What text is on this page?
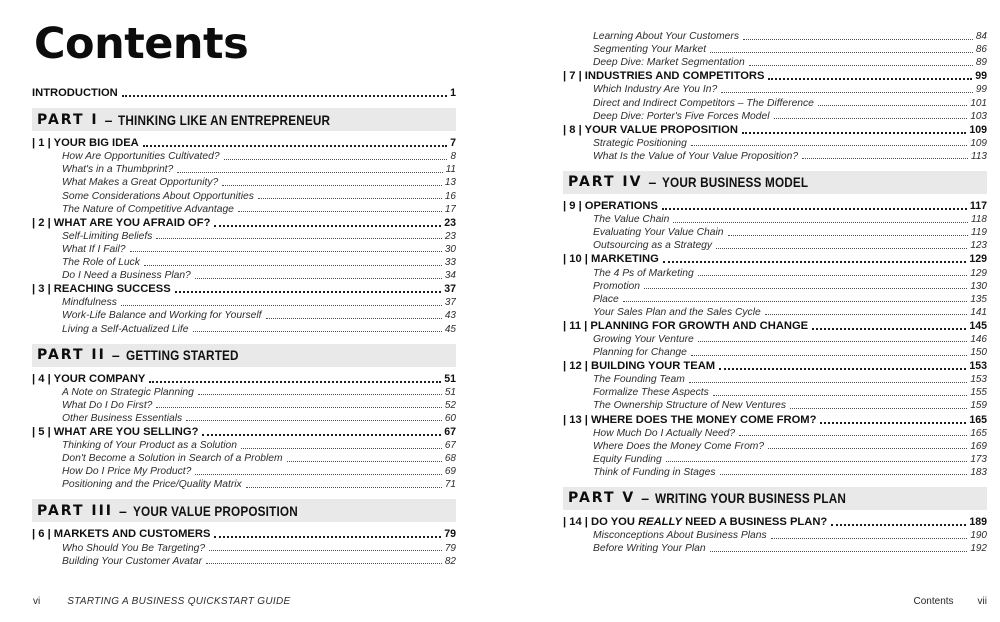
Contents
INTRODUCTION	1
PART I – THINKING LIKE AN ENTREPRENEUR
| 1 | YOUR BIG IDEA	7
How Are Opportunities Cultivated?	8
What's in a Thumbprint?	11
What Makes a Great Opportunity?	13
Some Considerations About Opportunities	16
The Nature of Competitive Advantage	17
| 2 | WHAT ARE YOU AFRAID OF?	23
Self-Limiting Beliefs	23
What If I Fail?	30
The Role of Luck	33
Do I Need a Business Plan?	34
| 3 | REACHING SUCCESS	37
Mindfulness	37
Work-Life Balance and Working for Yourself	43
Living a Self-Actualized Life	45
PART II – GETTING STARTED
| 4 | YOUR COMPANY	51
A Note on Strategic Planning	51
What Do I Do First?	52
Other Business Essentials	60
| 5 | WHAT ARE YOU SELLING?	67
Thinking of Your Product as a Solution	67
Don't Become a Solution in Search of a Problem	68
How Do I Price My Product?	69
Positioning and the Price/Quality Matrix	71
PART III – YOUR VALUE PROPOSITION
| 6 | MARKETS AND CUSTOMERS	79
Who Should You Be Targeting?	79
Building Your Customer Avatar	82
Learning About Your Customers	84
Segmenting Your Market	86
Deep Dive: Market Segmentation	89
| 7 | INDUSTRIES AND COMPETITORS	99
Which Industry Are You In?	99
Direct and Indirect Competitors – The Difference	101
Deep Dive: Porter's Five Forces Model	103
| 8 | YOUR VALUE PROPOSITION	109
Strategic Positioning	109
What Is the Value of Your Value Proposition?	113
PART IV – YOUR BUSINESS MODEL
| 9 | OPERATIONS	117
The Value Chain	118
Evaluating Your Value Chain	119
Outsourcing as a Strategy	123
| 10 | MARKETING	129
The 4 Ps of Marketing	129
Promotion	130
Place	135
Your Sales Plan and the Sales Cycle	141
| 11 | PLANNING FOR GROWTH AND CHANGE	145
Growing Your Venture	146
Planning for Change	150
| 12 | BUILDING YOUR TEAM	153
The Founding Team	153
Formalize These Aspects	155
The Ownership Structure of New Ventures	159
| 13 | WHERE DOES THE MONEY COME FROM?	165
How Much Do I Actually Need?	165
Where Does the Money Come From?	169
Equity Funding	173
Think of Funding in Stages	183
PART V – WRITING YOUR BUSINESS PLAN
| 14 | DO YOU REALLY NEED A BUSINESS PLAN?	189
Misconceptions About Business Plans	190
Before Writing Your Plan	192
vi	STARTING A BUSINESS QUICKSTART GUIDE	Contents vii
